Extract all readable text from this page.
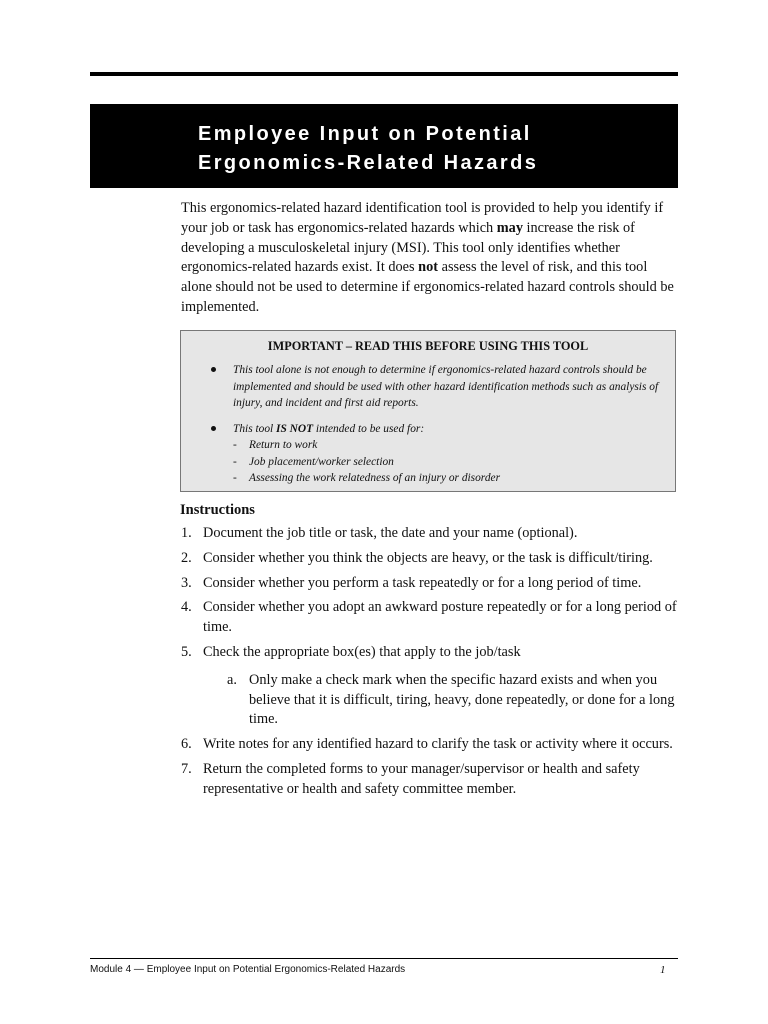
Employee Input on Potential
Ergonomics-Related Hazards

This ergonomics-related hazard identification tool is provided to help you identify if your job or task has ergonomics-related hazards which may increase the risk of developing a musculoskeletal injury (MSI). This tool only identifies whether ergonomics-related hazards exist. It does not assess the level of risk, and this tool alone should not be used to determine if ergonomics-related hazard controls should be implemented.

IMPORTANT – READ THIS BEFORE USING THIS TOOL
This tool alone is not enough to determine if ergonomics-related hazard controls should be implemented and should be used with other hazard identification methods such as analysis of injury, and incident and first aid reports.
This tool IS NOT intended to be used for:
- Return to work
- Job placement/worker selection
- Assessing the work relatedness of an injury or disorder
Instructions
1. Document the job title or task, the date and your name (optional).
2. Consider whether you think the objects are heavy, or the task is difficult/tiring.
3. Consider whether you perform a task repeatedly or for a long period of time.
4. Consider whether you adopt an awkward posture repeatedly or for a long period of time.
5. Check the appropriate box(es) that apply to the job/task
a. Only make a check mark when the specific hazard exists and when you believe that it is difficult, tiring, heavy, done repeatedly, or done for a long time.
6. Write notes for any identified hazard to clarify the task or activity where it occurs.
7. Return the completed forms to your manager/supervisor or health and safety representative or health and safety committee member.
Module 4 — Employee Input on Potential Ergonomics-Related Hazards	1
